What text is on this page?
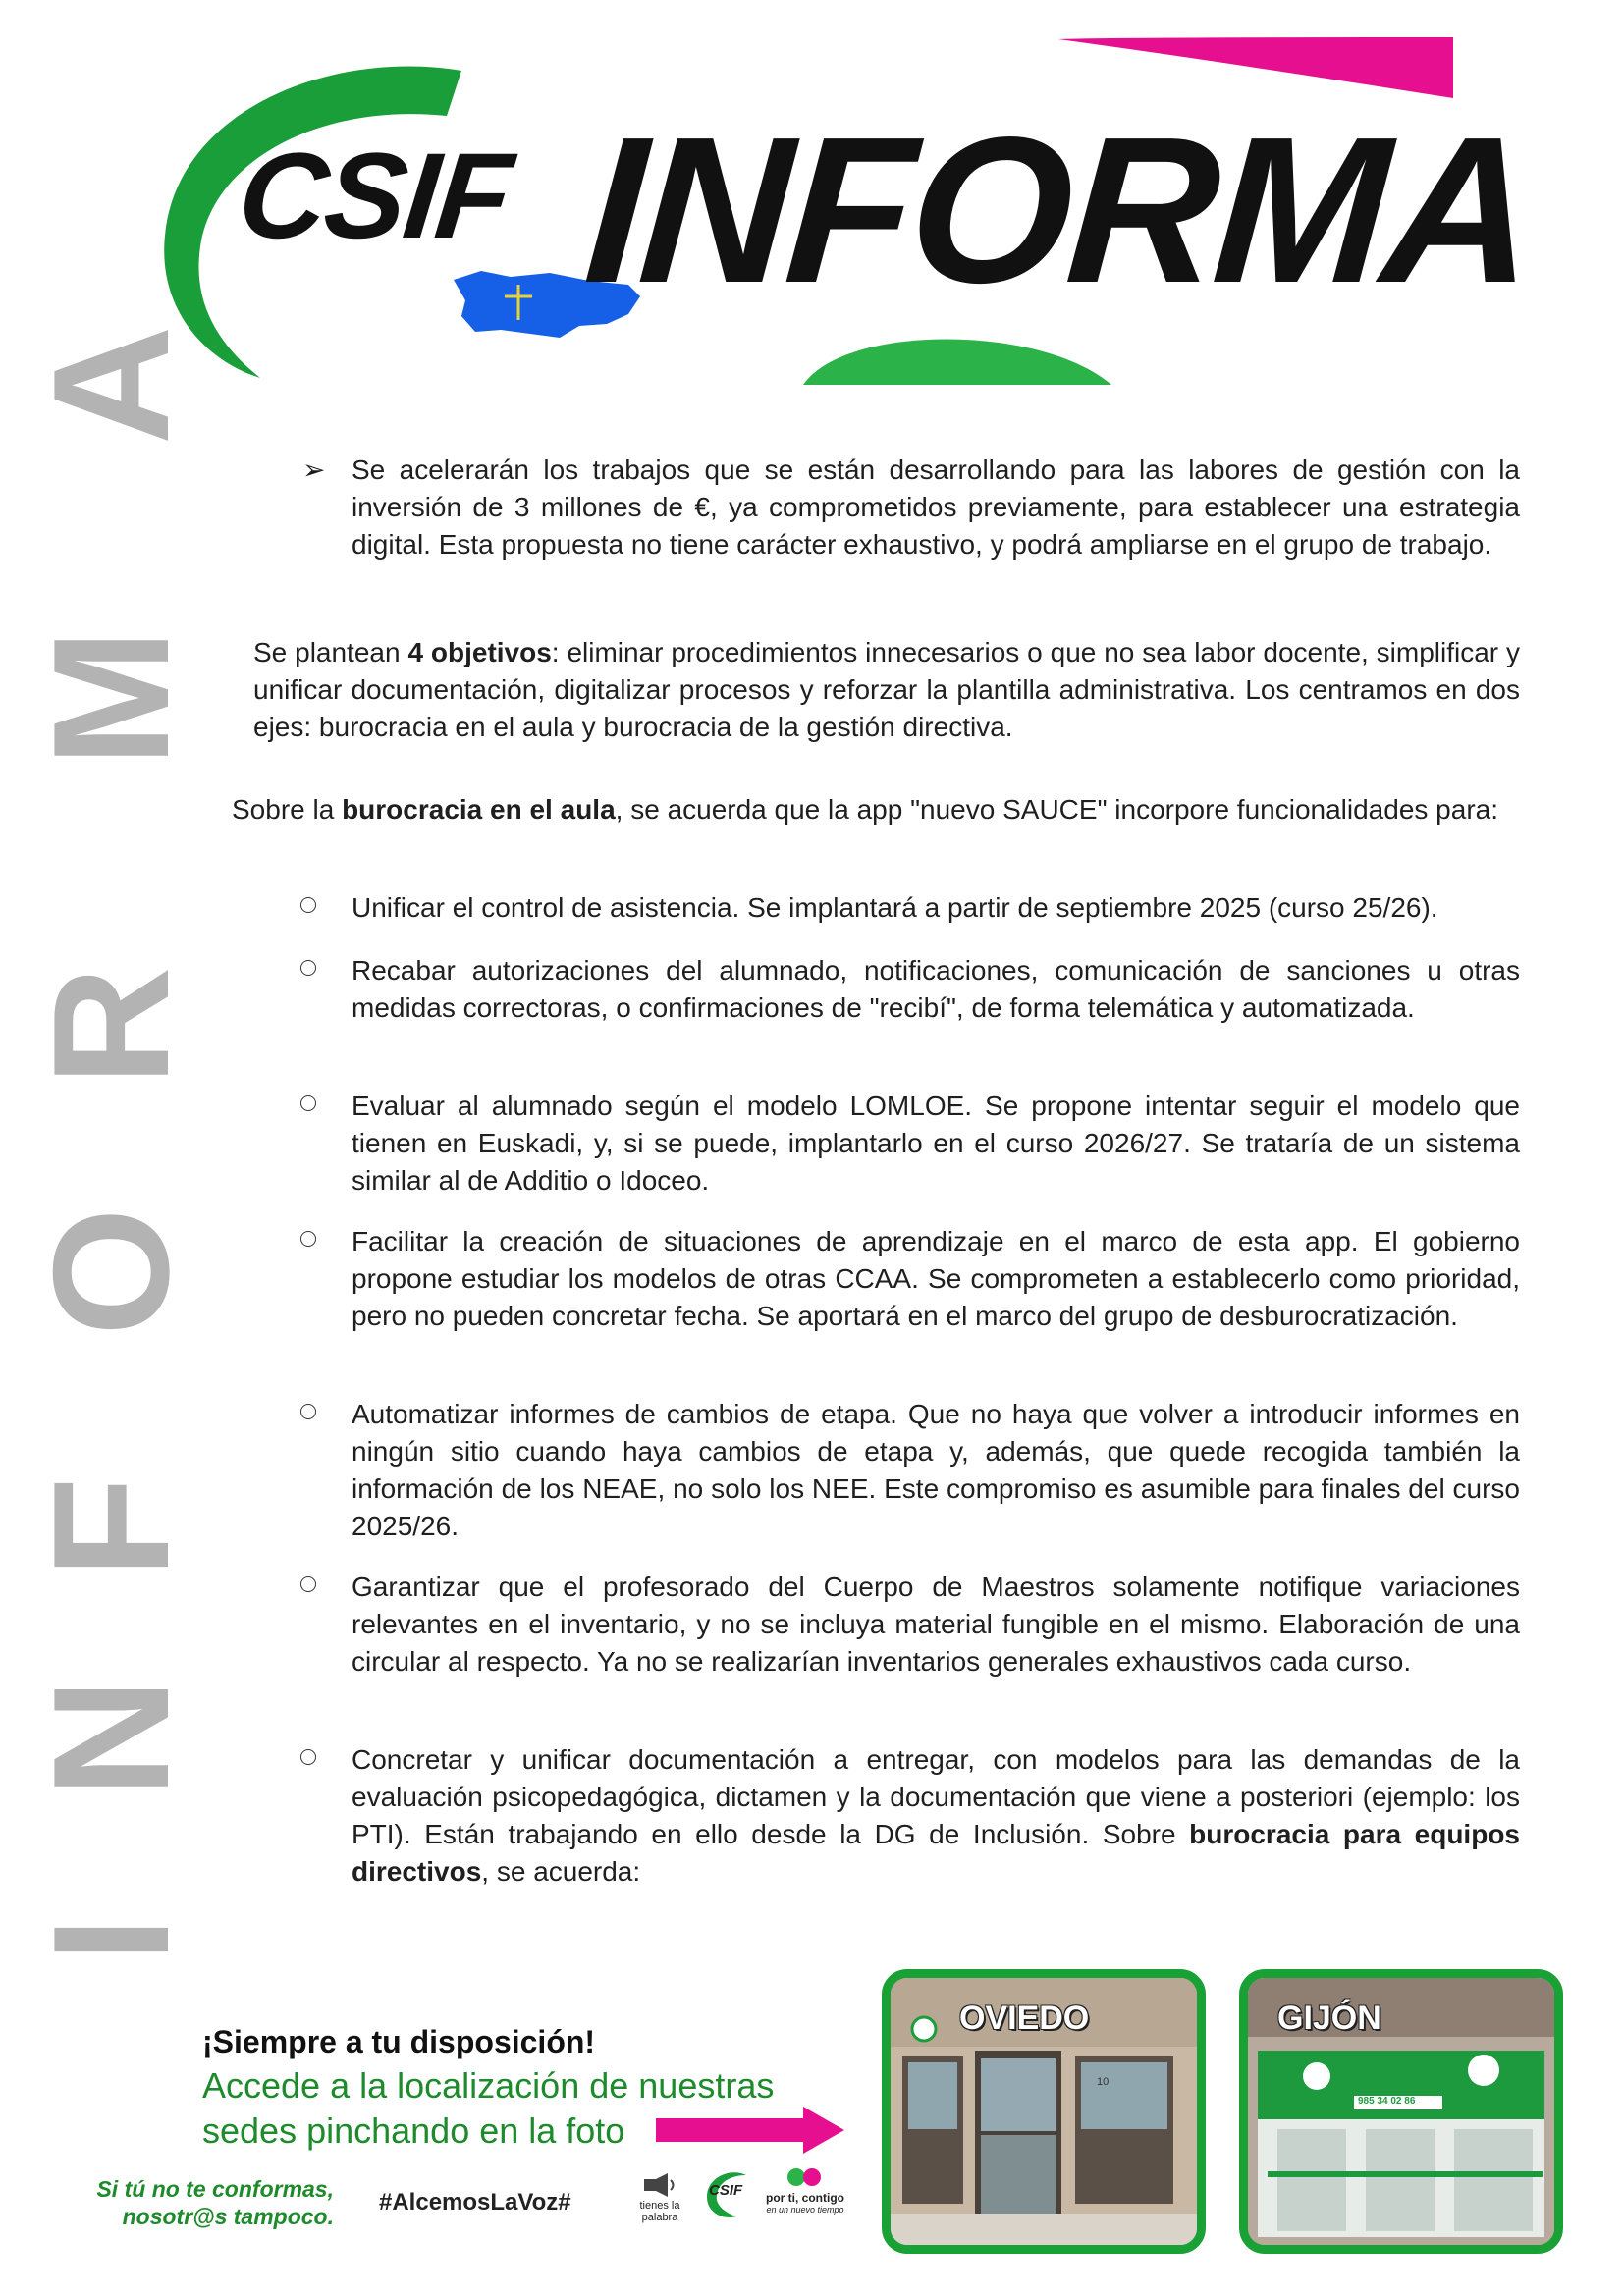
CSIF INFORMA
I
N
F
O
R
M
A
➢ Se acelerarán los trabajos que se están desarrollando para las labores de gestión con la inversión de 3 millones de €, ya comprometidos previamente, para establecer una estrategia digital. Esta propuesta no tiene carácter exhaustivo, y podrá ampliarse en el grupo de trabajo.

Se plantean 4 objetivos: eliminar procedimientos innecesarios o que no sea labor docente, simplificar y unificar documentación, digitalizar procesos y reforzar la plantilla administrativa. Los centramos en dos ejes: burocracia en el aula y burocracia de la gestión directiva.

Sobre la burocracia en el aula, se acuerda que la app "nuevo SAUCE" incorpore funcionalidades para:

Unificar el control de asistencia. Se implantará a partir de septiembre 2025 (curso 25/26).
Recabar autorizaciones del alumnado, notificaciones, comunicación de sanciones u otras medidas correctoras, o confirmaciones de "recibí", de forma telemática y automatizada.
Evaluar al alumnado según el modelo LOMLOE. Se propone intentar seguir el modelo que tienen en Euskadi, y, si se puede, implantarlo en el curso 2026/27. Se trataría de un sistema similar al de Additio o Idoceo.
Facilitar la creación de situaciones de aprendizaje en el marco de esta app. El gobierno propone estudiar los modelos de otras CCAA. Se comprometen a establecerlo como prioridad, pero no pueden concretar fecha. Se aportará en el marco del grupo de desburocratización.
Automatizar informes de cambios de etapa. Que no haya que volver a introducir informes en ningún sitio cuando haya cambios de etapa y, además, que quede recogida también la información de los NEAE, no solo los NEE. Este compromiso es asumible para finales del curso 2025/26.
Garantizar que el profesorado del Cuerpo de Maestros solamente notifique variaciones relevantes en el inventario, y no se incluya material fungible en el mismo. Elaboración de una circular al respecto. Ya no se realizarían inventarios generales exhaustivos cada curso.
Concretar y unificar documentación a entregar, con modelos para las demandas de la evaluación psicopedagógica, dictamen y la documentación que viene a posteriori (ejemplo: los PTI). Están trabajando en ello desde la DG de Inclusión. Sobre burocracia para equipos directivos, se acuerda:
¡Siempre a tu disposición!
Accede a la localización de nuestras
sedes pinchando en la foto
Si tú no te conformas,
nosotr@s tampoco.
#AlcemosLaVoz#	tienes la palabra
CSIF	por ti, contigo
en un nuevo tiempo
OVIEDO
10
GIJÓN
985 34 02 86
